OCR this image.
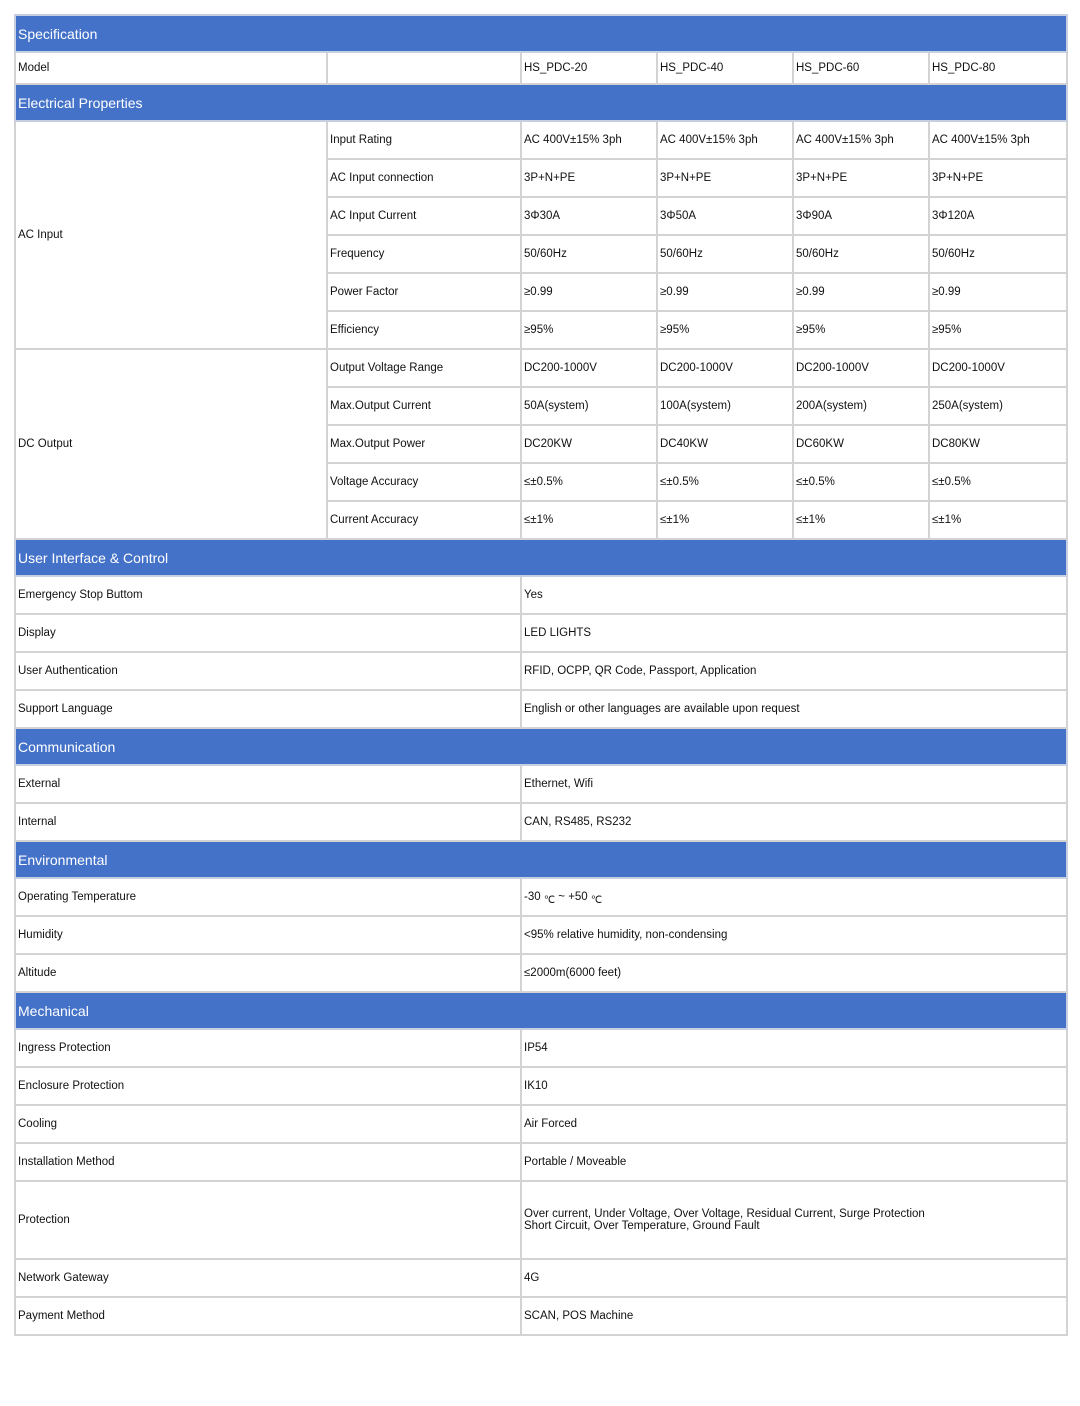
Specification					
Model		HS_PDC-20	HS_PDC-40	HS_PDC-60	HS_PDC-80
Electrical Properties					
AC Input	Input Rating	AC 400V±15% 3ph	AC 400V±15% 3ph	AC 400V±15% 3ph	AC 400V±15% 3ph
	AC Input connection	3P+N+PE	3P+N+PE	3P+N+PE	3P+N+PE
	AC Input Current	3Φ30A	3Φ50A	3Φ90A	3Φ120A
	Frequency	50/60Hz	50/60Hz	50/60Hz	50/60Hz
	Power Factor	≥0.99	≥0.99	≥0.99	≥0.99
	Efficiency	≥95%	≥95%	≥95%	≥95%
DC Output	Output Voltage Range	DC200-1000V	DC200-1000V	DC200-1000V	DC200-1000V
	Max.Output Current	50A(system)	100A(system)	200A(system)	250A(system)
	Max.Output Power	DC20KW	DC40KW	DC60KW	DC80KW
	Voltage Accuracy	≤±0.5%	≤±0.5%	≤±0.5%	≤±0.5%
	Current Accuracy	≤±1%	≤±1%	≤±1%	≤±1%
User Interface & Control					
Emergency Stop Buttom		Yes			
Display		LED LIGHTS			
User Authentication		RFID, OCPP, QR Code, Passport, Application			
Support Language		English or other languages are available upon request			
Communication					
External		Ethernet, Wifi			
Internal		CAN, RS485, RS232			
Environmental					
Operating Temperature		-30 ℃ ~ +50 ℃			
Humidity		<95% relative humidity, non-condensing			
Altitude		≤2000m(6000 feet)			
Mechanical					
Ingress Protection		IP54			
Enclosure Protection		IK10			
Cooling		Air Forced			
Installation Method		Portable / Moveable			
Protection		Over current, Under Voltage, Over Voltage, Residual Current, Surge Protection
Short Circuit, Over Temperature, Ground Fault			

Network Gateway		4G			
Payment Method		SCAN, POS Machine			
